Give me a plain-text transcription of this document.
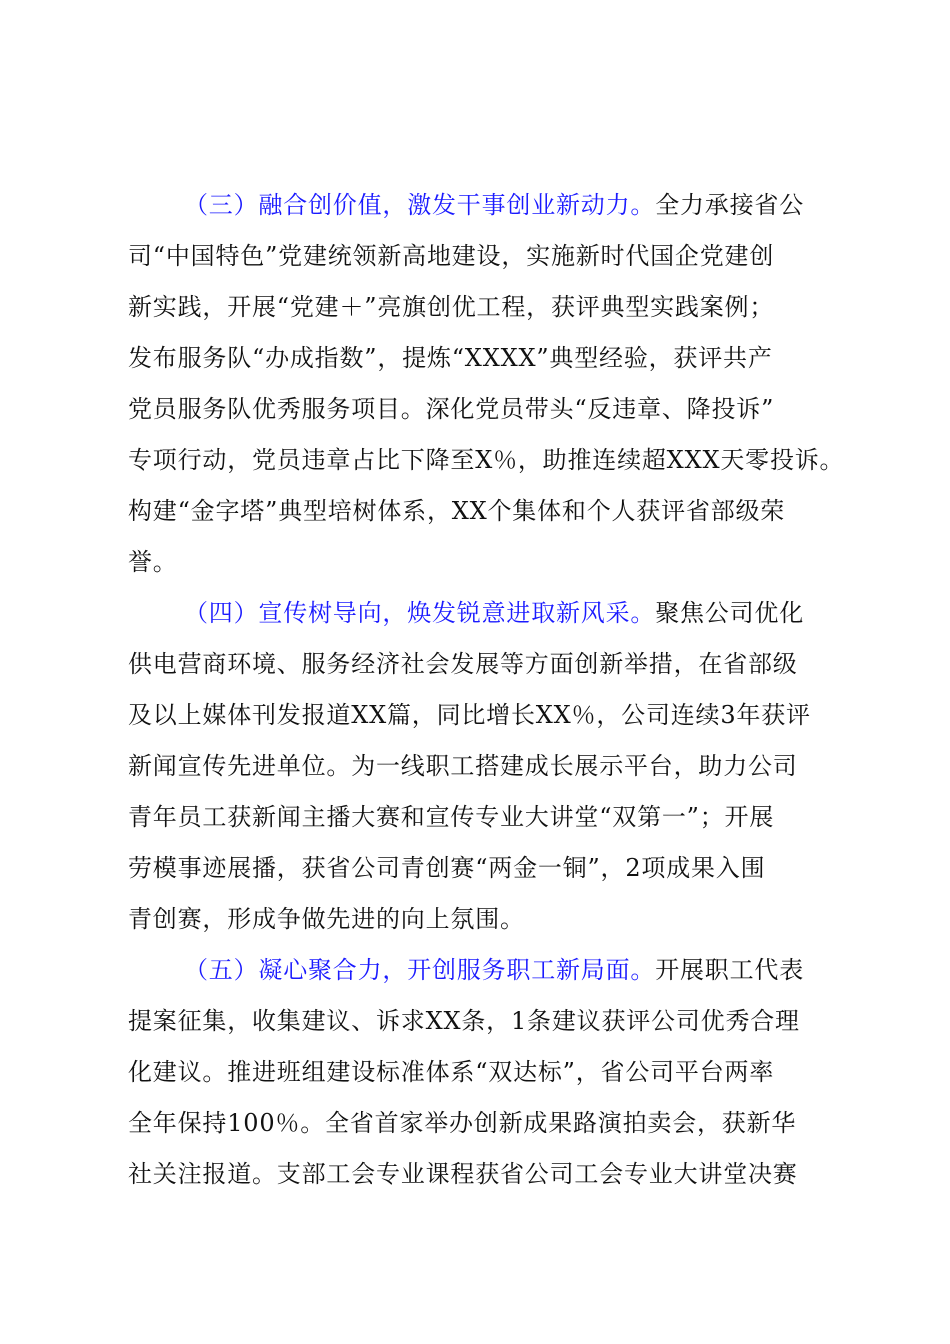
（三）融合创价值，激发干事创业新动力。全力承接省公
司“中国特色”党建统领新高地建设，实施新时代国企党建创
新实践，开展“党建＋”亮旗创优工程，获评典型实践案例；
发布服务队“办成指数”，提炼“XXXX”典型经验，获评共产
党员服务队优秀服务项目。深化党员带头“反违章、降投诉”
专项行动，党员违章占比下降至X％，助推连续超XXX天零投诉。
构建“金字塔”典型培树体系，XX个集体和个人获评省部级荣
誉。
（四）宣传树导向，焕发锐意进取新风采。聚焦公司优化
供电营商环境、服务经济社会发展等方面创新举措，在省部级
及以上媒体刊发报道XX篇，同比增长XX％，公司连续3年获评
新闻宣传先进单位。为一线职工搭建成长展示平台，助力公司
青年员工获新闻主播大赛和宣传专业大讲堂“双第一”；开展
劳模事迹展播，获省公司青创赛“两金一铜”，2项成果入围
青创赛，形成争做先进的向上氛围。
（五）凝心聚合力，开创服务职工新局面。开展职工代表
提案征集，收集建议、诉求XX条，1条建议获评公司优秀合理
化建议。推进班组建设标准体系“双达标”，省公司平台两率
全年保持100％。全省首家举办创新成果路演拍卖会，获新华
社关注报道。支部工会专业课程获省公司工会专业大讲堂决赛
